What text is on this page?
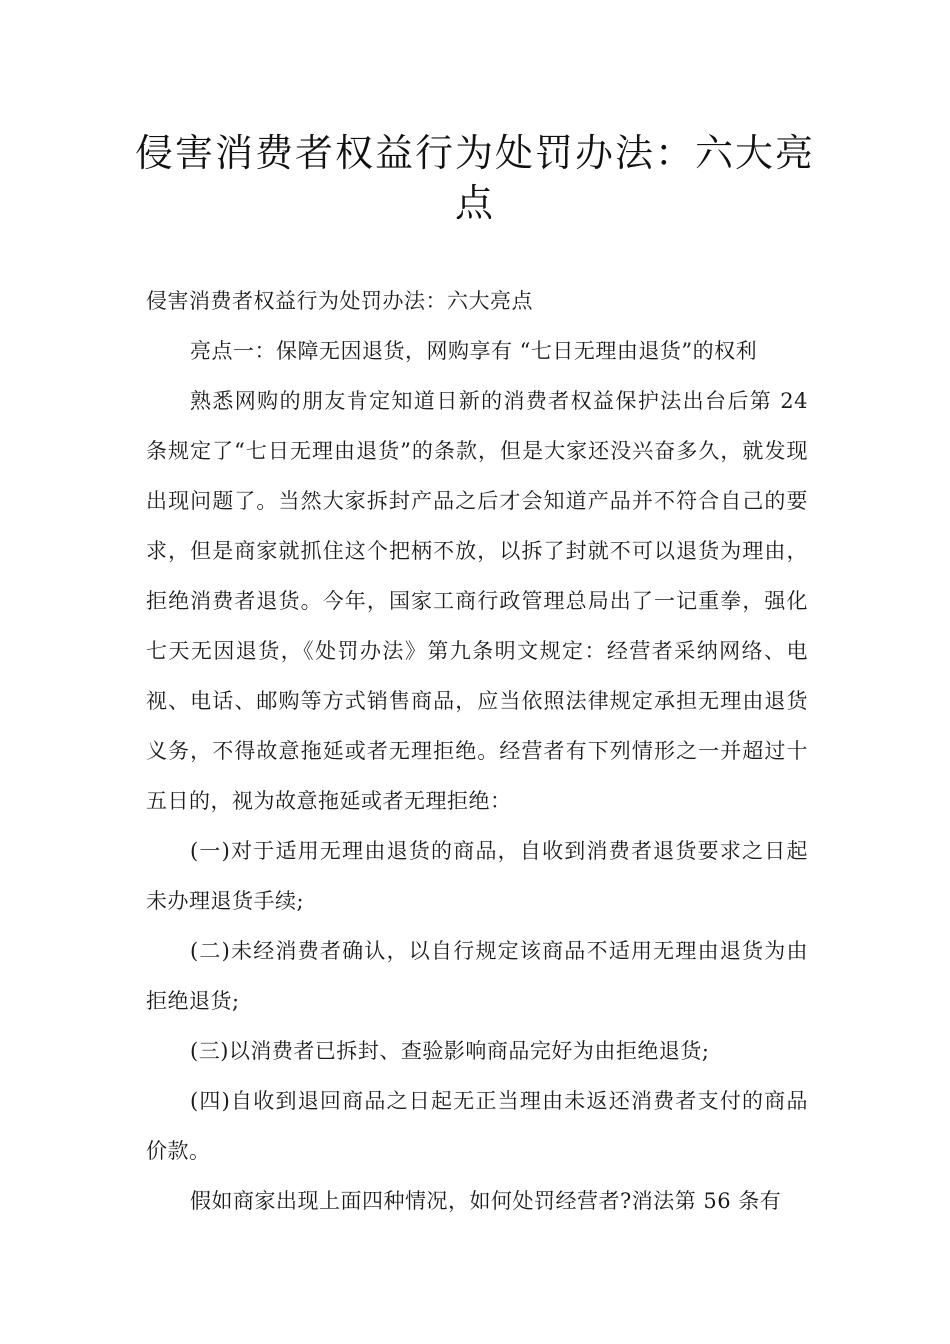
侵害消费者权益行为处罚办法：六大亮点

侵害消费者权益行为处罚办法：六大亮点

亮点一：保障无因退货，网购享有 “七日无理由退货”的权利

熟悉网购的朋友肯定知道日新的消费者权益保护法出台后第 24 条规定了“七日无理由退货”的条款，但是大家还没兴奋多久，就发现出现问题了。当然大家拆封产品之后才会知道产品并不符合自己的要求，但是商家就抓住这个把柄不放，以拆了封就不可以退货为理由，拒绝消费者退货。今年，国家工商行政管理总局出了一记重拳，强化七天无因退货，《处罚办法》第九条明文规定：经营者采纳网络、电视、电话、邮购等方式销售商品，应当依照法律规定承担无理由退货义务，不得故意拖延或者无理拒绝。经营者有下列情形之一并超过十五日的，视为故意拖延或者无理拒绝：

(一)对于适用无理由退货的商品，自收到消费者退货要求之日起未办理退货手续;

(二)未经消费者确认，以自行规定该商品不适用无理由退货为由拒绝退货;

(三)以消费者已拆封、查验影响商品完好为由拒绝退货;

(四)自收到退回商品之日起无正当理由未返还消费者支付的商品价款。

假如商家出现上面四种情况，如何处罚经营者?消法第 56 条有
